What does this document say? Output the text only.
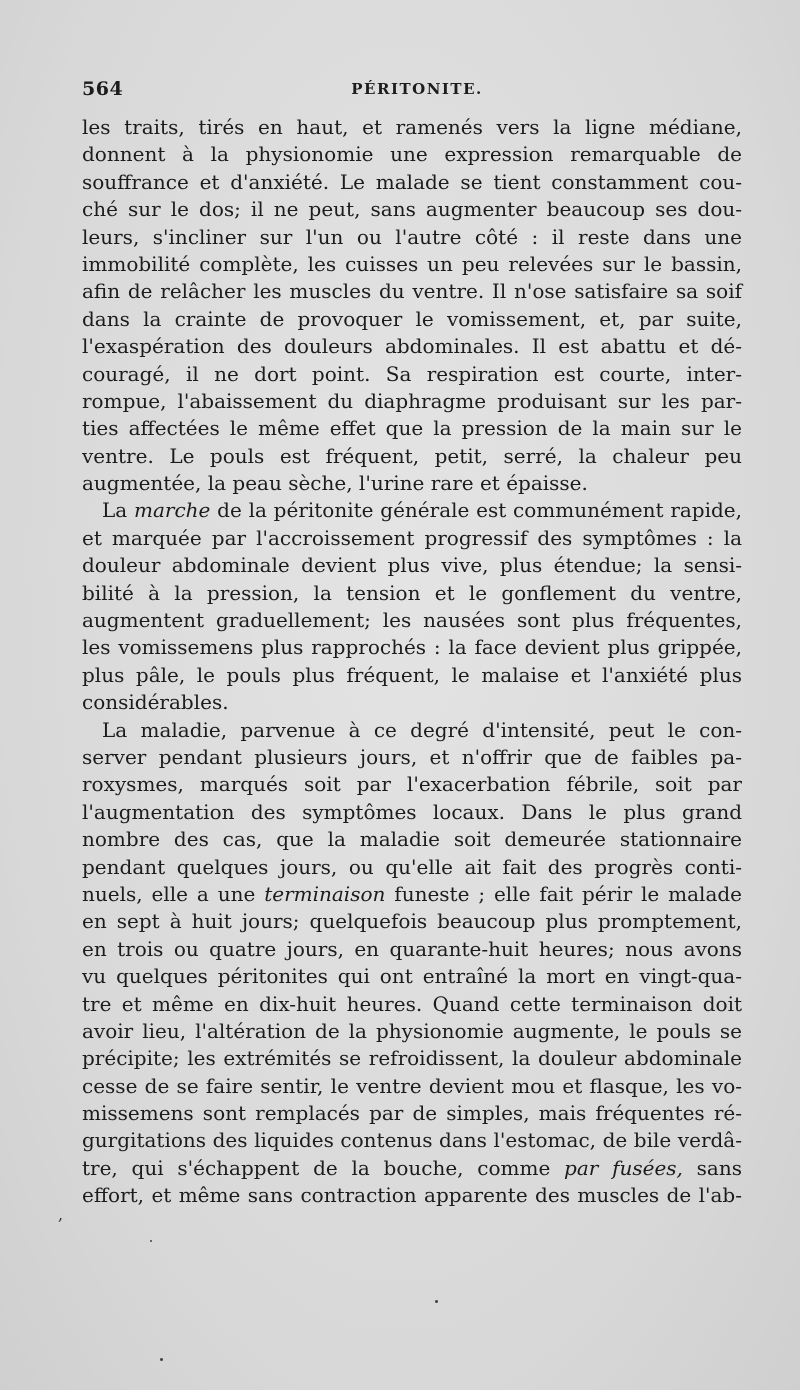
564	PÉRITONITE.
les traits, tirés en haut, et ramenés vers la ligne médiane,
donnent à la physionomie une expression remarquable de
souffrance et d'anxiété. Le malade se tient constamment cou-
ché sur le dos; il ne peut, sans augmenter beaucoup ses dou-
leurs, s'incliner sur l'un ou l'autre côté : il reste dans une
immobilité complète, les cuisses un peu relevées sur le bassin,
afin de relâcher les muscles du ventre. Il n'ose satisfaire sa soif
dans la crainte de provoquer le vomissement, et, par suite,
l'exaspération des douleurs abdominales. Il est abattu et dé-
couragé, il ne dort point. Sa respiration est courte, inter-
rompue, l'abaissement du diaphragme produisant sur les par-
ties affectées le même effet que la pression de la main sur le
ventre. Le pouls est fréquent, petit, serré, la chaleur peu
augmentée, la peau sèche, l'urine rare et épaisse.
La marche de la péritonite générale est communément rapide,
et marquée par l'accroissement progressif des symptômes : la
douleur abdominale devient plus vive, plus étendue; la sensi-
bilité à la pression, la tension et le gonflement du ventre,
augmentent graduellement; les nausées sont plus fréquentes,
les vomissemens plus rapprochés : la face devient plus grippée,
plus pâle, le pouls plus fréquent, le malaise et l'anxiété plus
considérables.
La maladie, parvenue à ce degré d'intensité, peut le con-
server pendant plusieurs jours, et n'offrir que de faibles pa-
roxysmes, marqués soit par l'exacerbation fébrile, soit par
l'augmentation des symptômes locaux. Dans le plus grand
nombre des cas, que la maladie soit demeurée stationnaire
pendant quelques jours, ou qu'elle ait fait des progrès conti-
nuels, elle a une terminaison funeste ; elle fait périr le malade
en sept à huit jours; quelquefois beaucoup plus promptement,
en trois ou quatre jours, en quarante-huit heures; nous avons
vu quelques péritonites qui ont entraîné la mort en vingt-qua-
tre et même en dix-huit heures. Quand cette terminaison doit
avoir lieu, l'altération de la physionomie augmente, le pouls se
précipite; les extrémités se refroidissent, la douleur abdominale
cesse de se faire sentir, le ventre devient mou et flasque, les vo-
missemens sont remplacés par de simples, mais fréquentes ré-
gurgitations des liquides contenus dans l'estomac, de bile verdâ-
tre, qui s'échappent de la bouche, comme par fusées, sans
effort, et même sans contraction apparente des muscles de l'ab-
,
